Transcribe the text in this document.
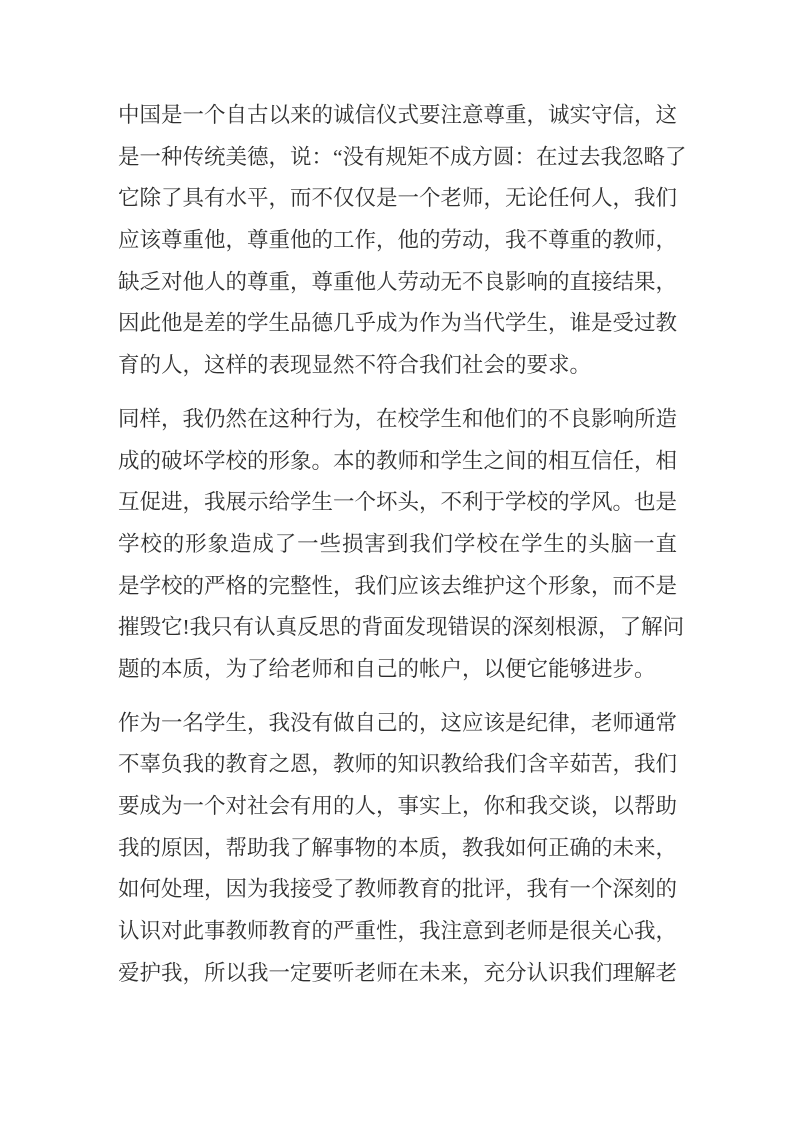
中国是一个自古以来的诚信仪式要注意尊重，诚实守信，这
是一种传统美德，说：“没有规矩不成方圆：在过去我忽略了
它除了具有水平，而不仅仅是一个老师，无论任何人，我们
应该尊重他，尊重他的工作，他的劳动，我不尊重的教师，
缺乏对他人的尊重，尊重他人劳动无不良影响的直接结果，
因此他是差的学生品德几乎成为作为当代学生，谁是受过教
育的人，这样的表现显然不符合我们社会的要求。
同样，我仍然在这种行为，在校学生和他们的不良影响所造
成的破坏学校的形象。本的教师和学生之间的相互信任，相
互促进，我展示给学生一个坏头，不利于学校的学风。也是
学校的形象造成了一些损害到我们学校在学生的头脑一直
是学校的严格的完整性，我们应该去维护这个形象，而不是
摧毁它!我只有认真反思的背面发现错误的深刻根源，了解问
题的本质，为了给老师和自己的帐户，以便它能够进步。
作为一名学生，我没有做自己的，这应该是纪律，老师通常
不辜负我的教育之恩，教师的知识教给我们含辛茹苦，我们
要成为一个对社会有用的人，事实上，你和我交谈，以帮助
我的原因，帮助我了解事物的本质，教我如何正确的未来，
如何处理，因为我接受了教师教育的批评，我有一个深刻的
认识对此事教师教育的严重性，我注意到老师是很关心我，
爱护我，所以我一定要听老师在未来，充分认识我们理解老
